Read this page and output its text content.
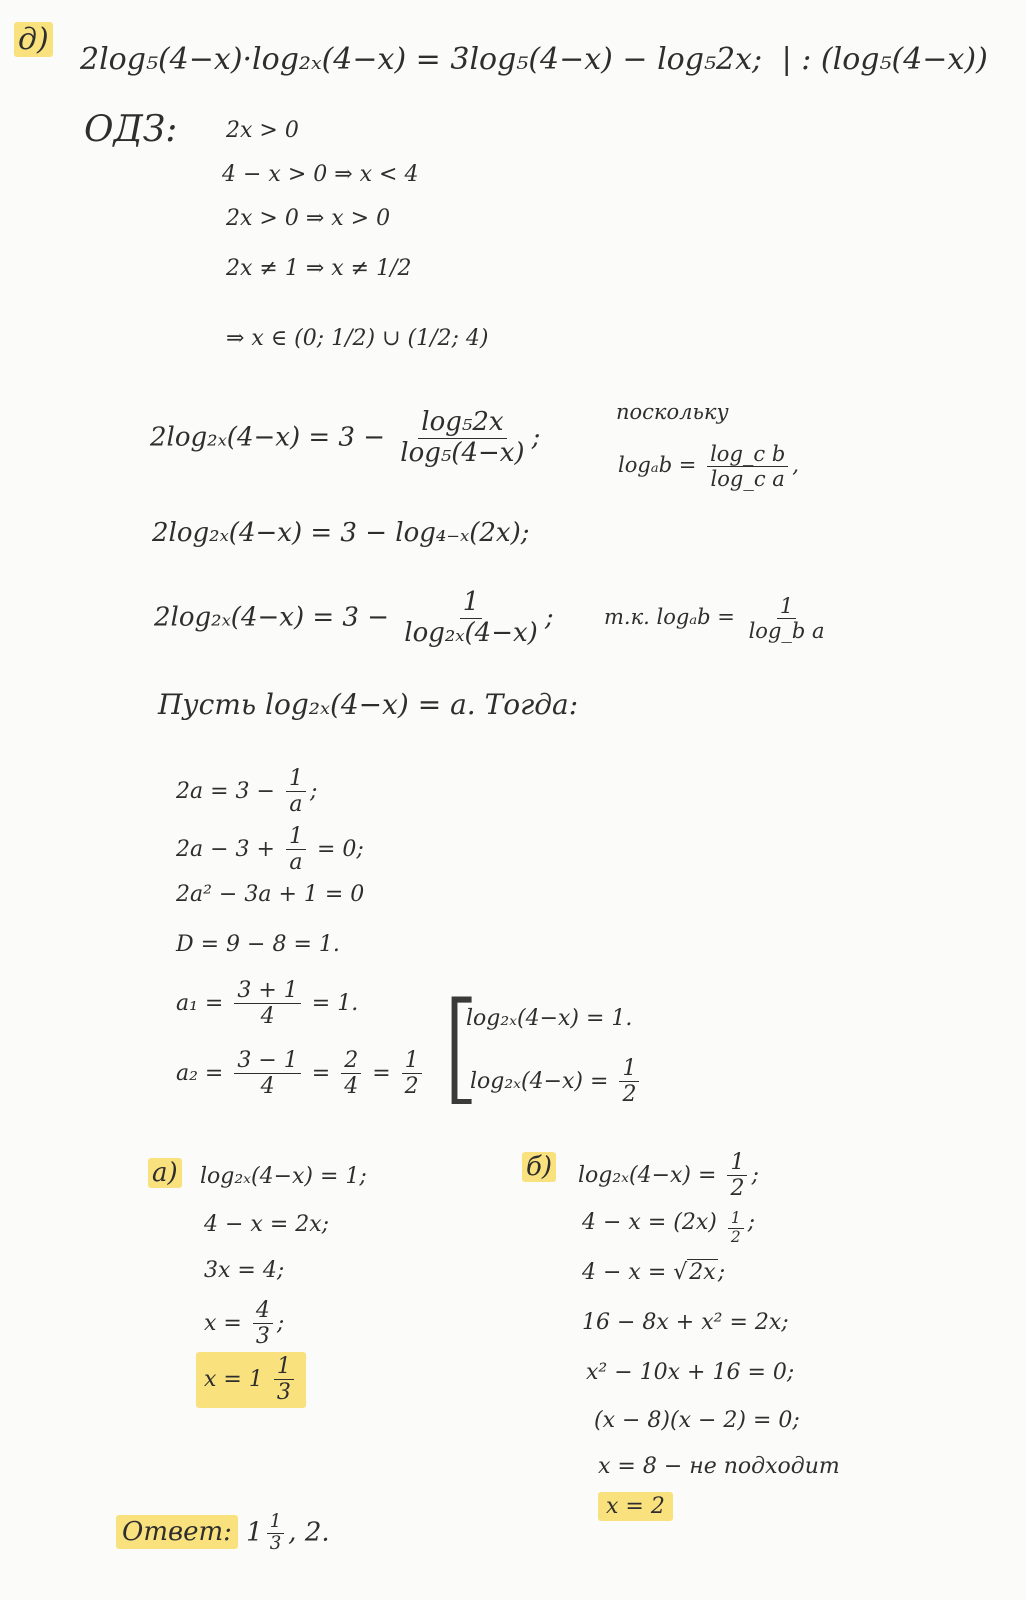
д)
2log₅(4−x)·log₂ₓ(4−x) = 3log₅(4−x) − log₅2x; | : (log₅(4−x))
ОДЗ: 2x > 0
4 − x > 0 ⇒ x < 4
2x > 0 ⇒ x > 0
2x ≠ 1 ⇒ x ≠ 1/2
⇒ x ∈ (0; 1/2) ∪ (1/2; 4)
$2\log_{2x}(4-x) = 3 - \frac{\text{log₅2x}}{\text{log₅(4−x)}}$ ;
поскольку
$\log_ab = \frac{\text{log\_c b}}{\text{log\_c a}}$ ,
2log₂ₓ(4−x) = 3 − log₄₋ₓ(2x);
$2\log_{2x}(4-x) = 3 - \frac{1}{\text{log₂ₓ(4−x)}}$ ; т.к. $\log_ab = \frac{1}{\text{log\_b a}}$
Пусть log₂ₓ(4−x) = a. Тогда:
$2a = 3 - \frac{1}{a}$ ;
$2a - 3 + \frac{1}{a} = 0$;
2a² − 3a + 1 = 0
D = 9 − 8 = 1.
$a_1 = \frac{3 + 1}{4} = 1$.
$a_2 = \frac{3 - 1}{4} = \frac{2}{4} = \frac{1}{2}$ [
log₂ₓ(4−x) = 1.
$\log_{2x}(4-x) = \frac{1}{2}$
а) log₂ₓ(4−x) = 1;
4 − x = 2x;
3x = 4;
$x = \frac{4}{3}$ ;
$x = 1 \frac{1}{3}$
б) $\log_{2x}(4-x) = \frac{1}{2}$ ;
$4 - x = (2x) \frac{1}{2}$ ;
4 − x = √2x;
16 − 8x + x² = 2x;
x² − 10x + 16 = 0;
(x − 8)(x − 2) = 0;
x = 8 − не подходит
x = 2
Ответ: $1 \frac{1}{3}$ , 2.
